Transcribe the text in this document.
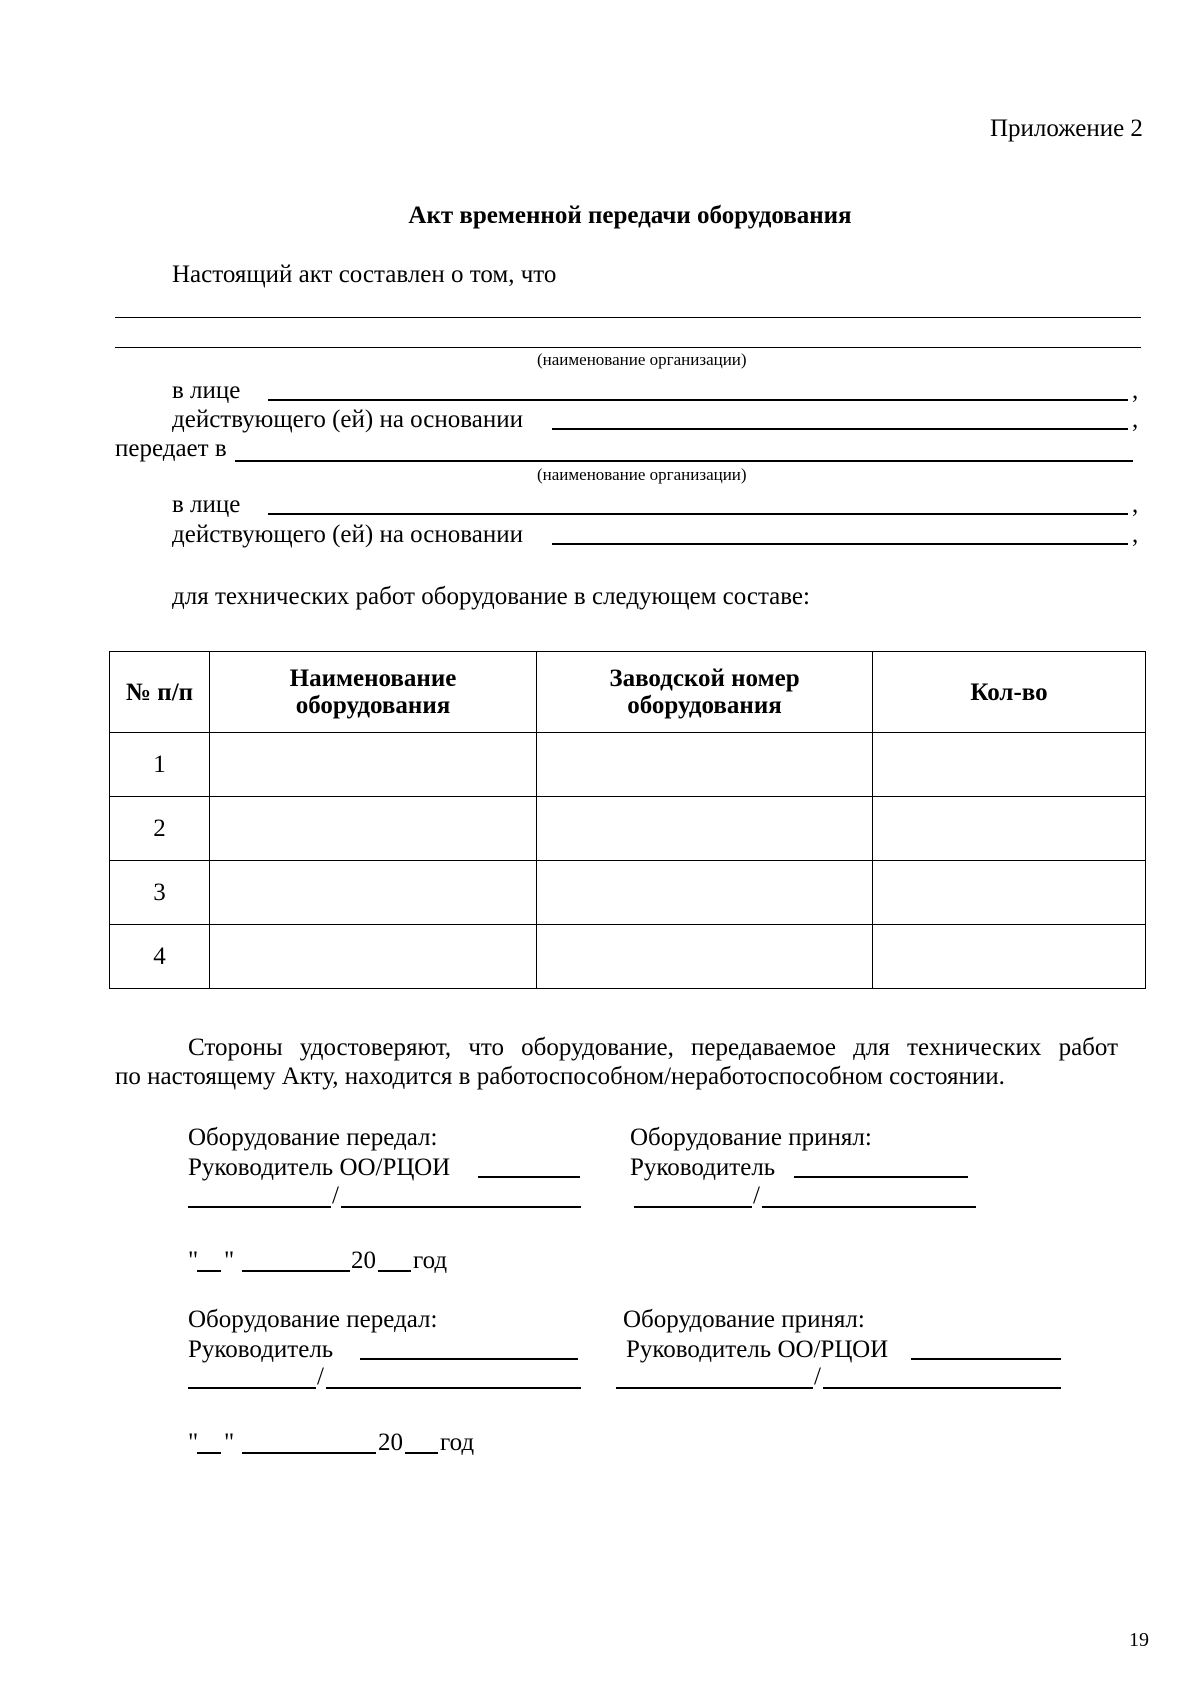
Приложение 2
Акт временной передачи оборудования
Настоящий акт составлен о том, что
(наименование организации)
в лице	,
действующего (ей) на основании	,
передает в
(наименование организации)
в лице	,
действующего (ей) на основании	,
для технических работ оборудование в следующем составе:
№ п/п	Наименование оборудования	Заводской номер оборудования	Кол-во
1			
2			
3			
4			
Стороны удостоверяют, что оборудование, передаваемое для технических работ
по настоящему Акту, находится в работоспособном/неработоспособном состоянии.
Оборудование передал:
Руководитель ОО/РЦОИ
/
Оборудование принял:
Руководитель
/
" "	20 год
Оборудование передал:
Руководитель
/
Оборудование принял:
Руководитель ОО/РЦОИ
/
" "	20 год
19
